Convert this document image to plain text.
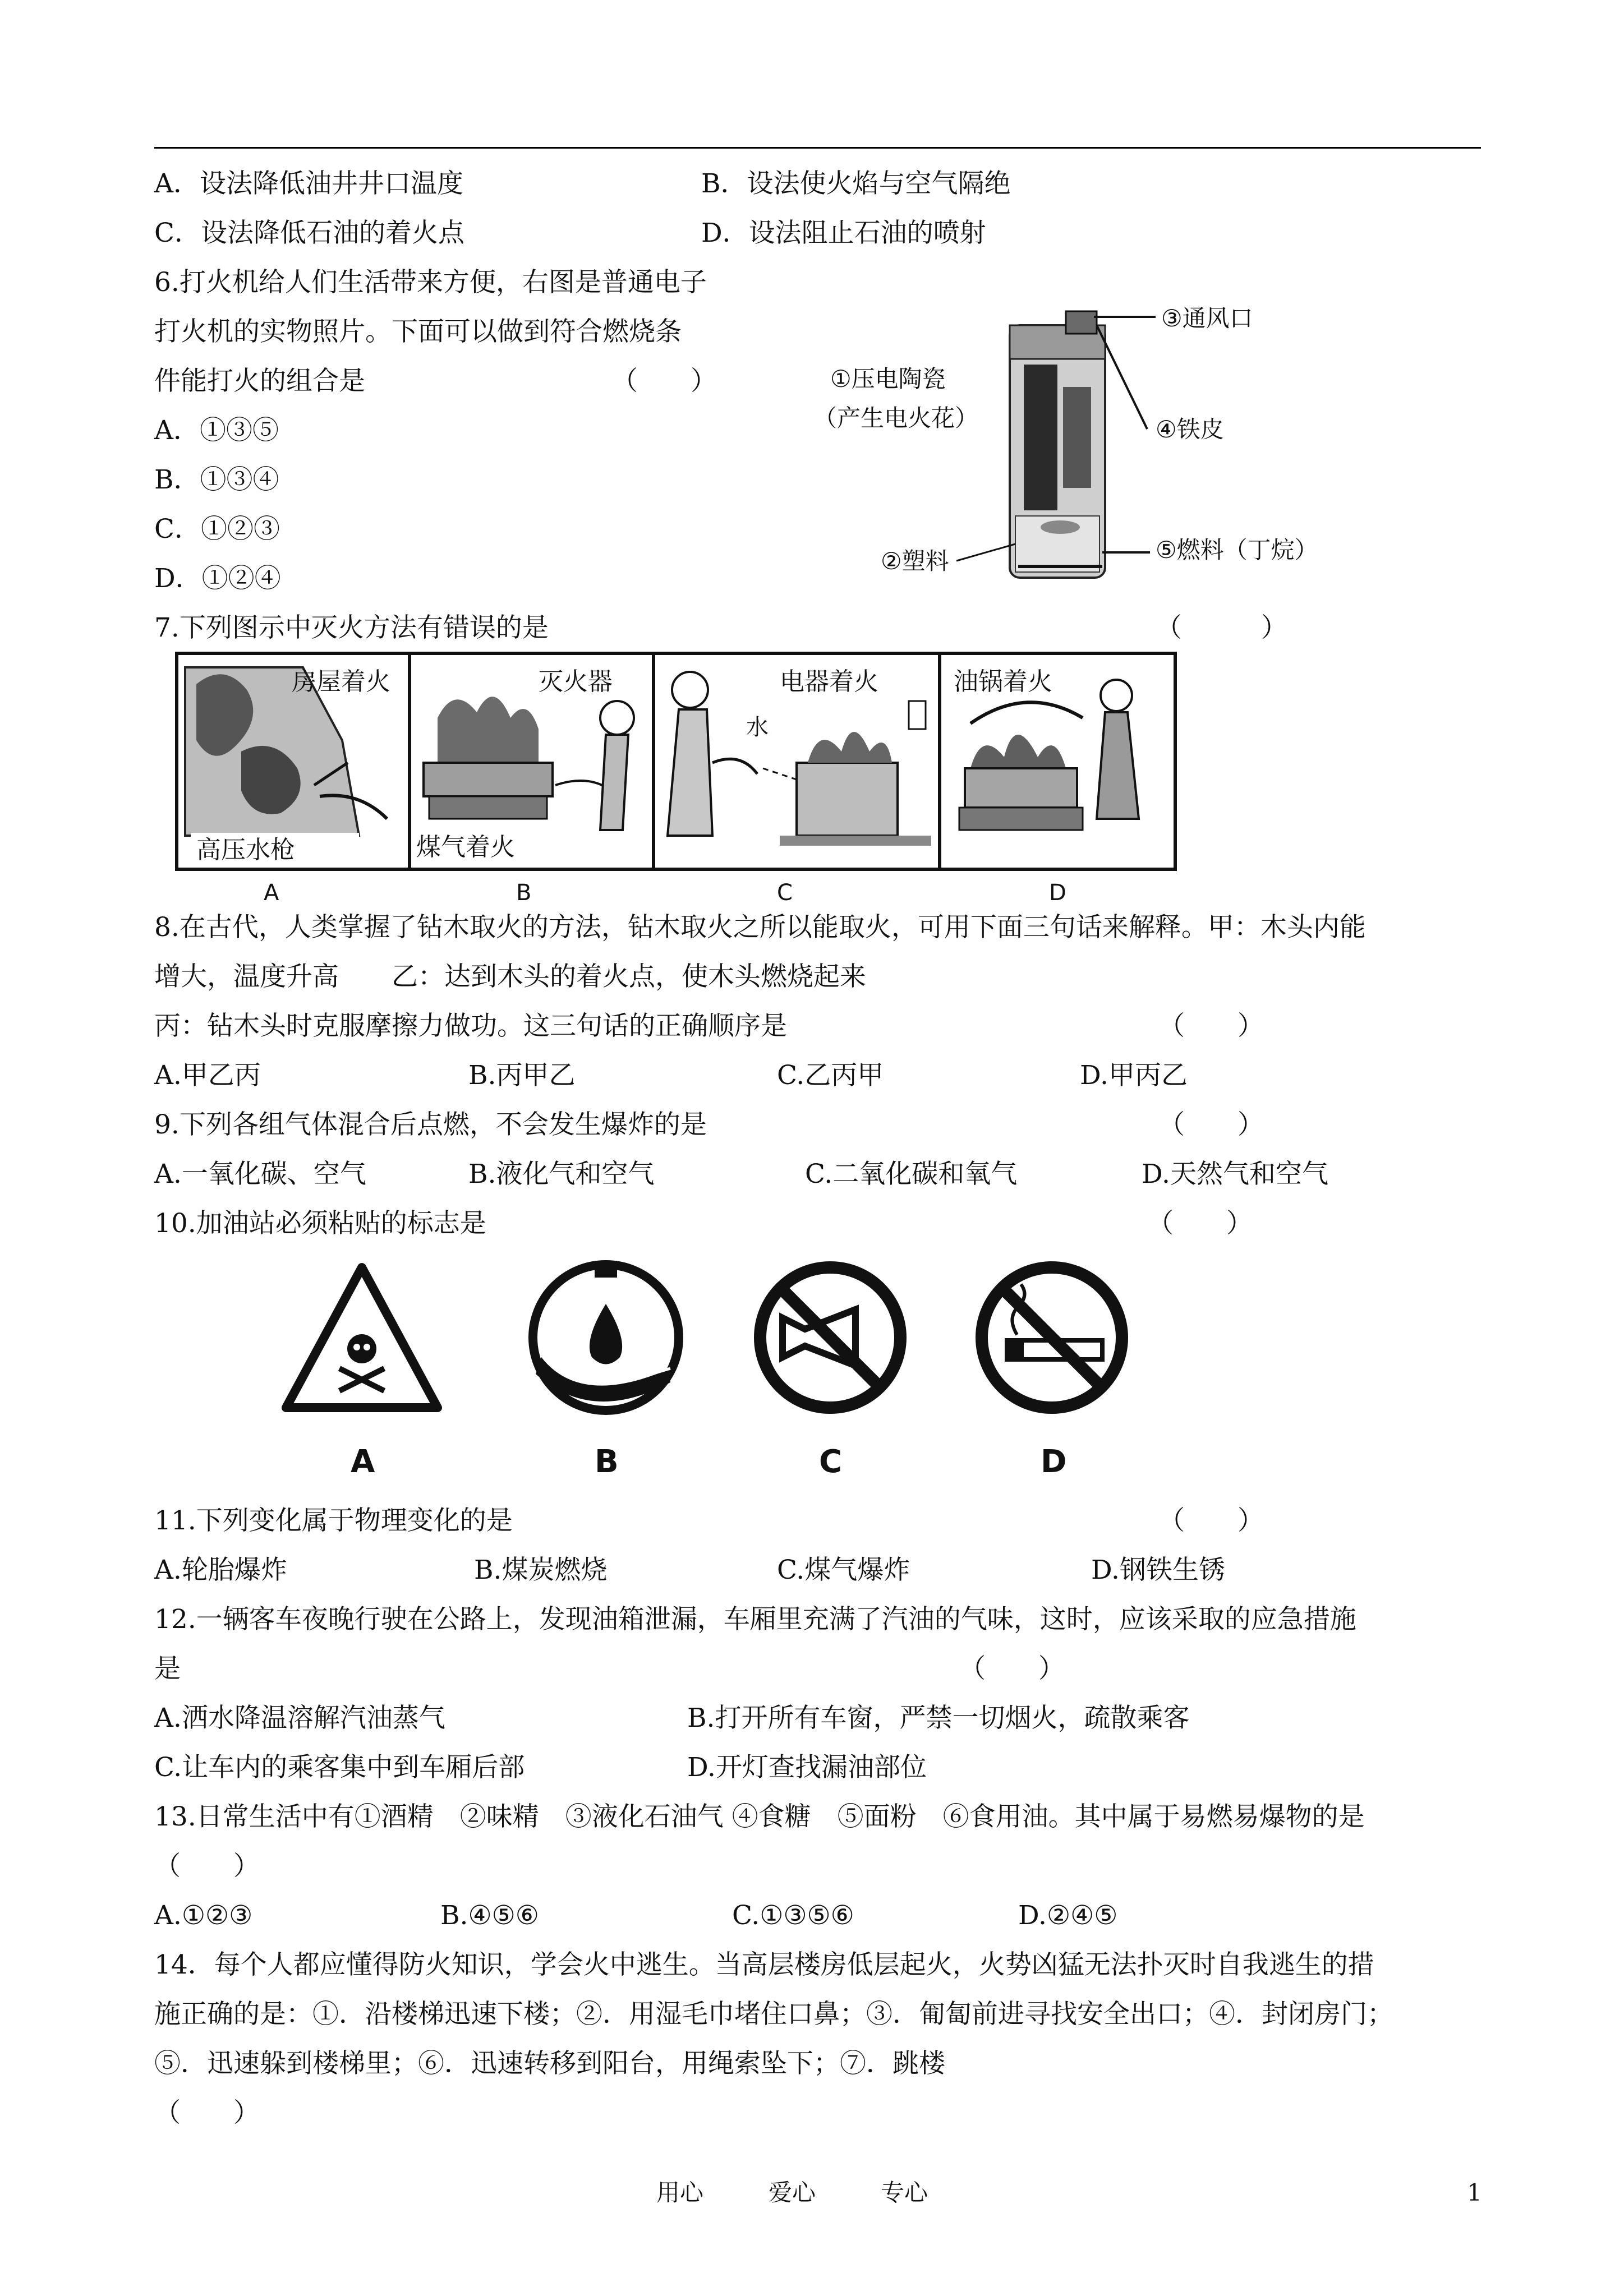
A．设法降低油井井口温度	B．设法使火焰与空气隔绝
C．设法降低石油的着火点	D．设法阻止石油的喷射
6.打火机给人们生活带来方便，右图是普通电子
打火机的实物照片。下面可以做到符合燃烧条
件能打火的组合是	（　　）
A．①③⑤
B．①③④
C．①②③
D．①②④
③通风口
①压电陶瓷
（产生电火花）	④铁皮
②塑料	⑤燃料（丁烷）
7.下列图示中灭火方法有错误的是	（　　　）
房屋着火
高压水枪
灭火器
煤气着火
电器着火
水
油锅着火
A	B	C	D
8.在古代，人类掌握了钻木取火的方法，钻木取火之所以能取火，可用下面三句话来解释。甲：木头内能
增大，温度升高　　乙：达到木头的着火点，使木头燃烧起来
丙：钻木头时克服摩擦力做功。这三句话的正确顺序是	（　　）
A.甲乙丙	B.丙甲乙	C.乙丙甲	D.甲丙乙
9.下列各组气体混合后点燃，不会发生爆炸的是	（　　）
A.一氧化碳、空气	B.液化气和空气	C.二氧化碳和氧气	D.天然气和空气
10.加油站必须粘贴的标志是	（　　）
A	B	C	D
11.下列变化属于物理变化的是	（　　）
A.轮胎爆炸	B.煤炭燃烧	C.煤气爆炸	D.钢铁生锈
12.一辆客车夜晚行驶在公路上，发现油箱泄漏，车厢里充满了汽油的气味，这时，应该采取的应急措施
是	（　　）
A.洒水降温溶解汽油蒸气	B.打开所有车窗，严禁一切烟火，疏散乘客
C.让车内的乘客集中到车厢后部	D.开灯查找漏油部位
13.日常生活中有①酒精　②味精　③液化石油气 ④食糖　⑤面粉　⑥食用油。其中属于易燃易爆物的是
（　　）
A.①②③	B.④⑤⑥	C.①③⑤⑥	D.②④⑤
14．每个人都应懂得防火知识，学会火中逃生。当高层楼房低层起火，火势凶猛无法扑灭时自我逃生的措
施正确的是：①．沿楼梯迅速下楼；②．用湿毛巾堵住口鼻；③．匍匐前进寻找安全出口；④．封闭房门；
⑤．迅速躲到楼梯里；⑥．迅速转移到阳台，用绳索坠下；⑦．跳楼
（　　）
用心	爱心	专心	1
